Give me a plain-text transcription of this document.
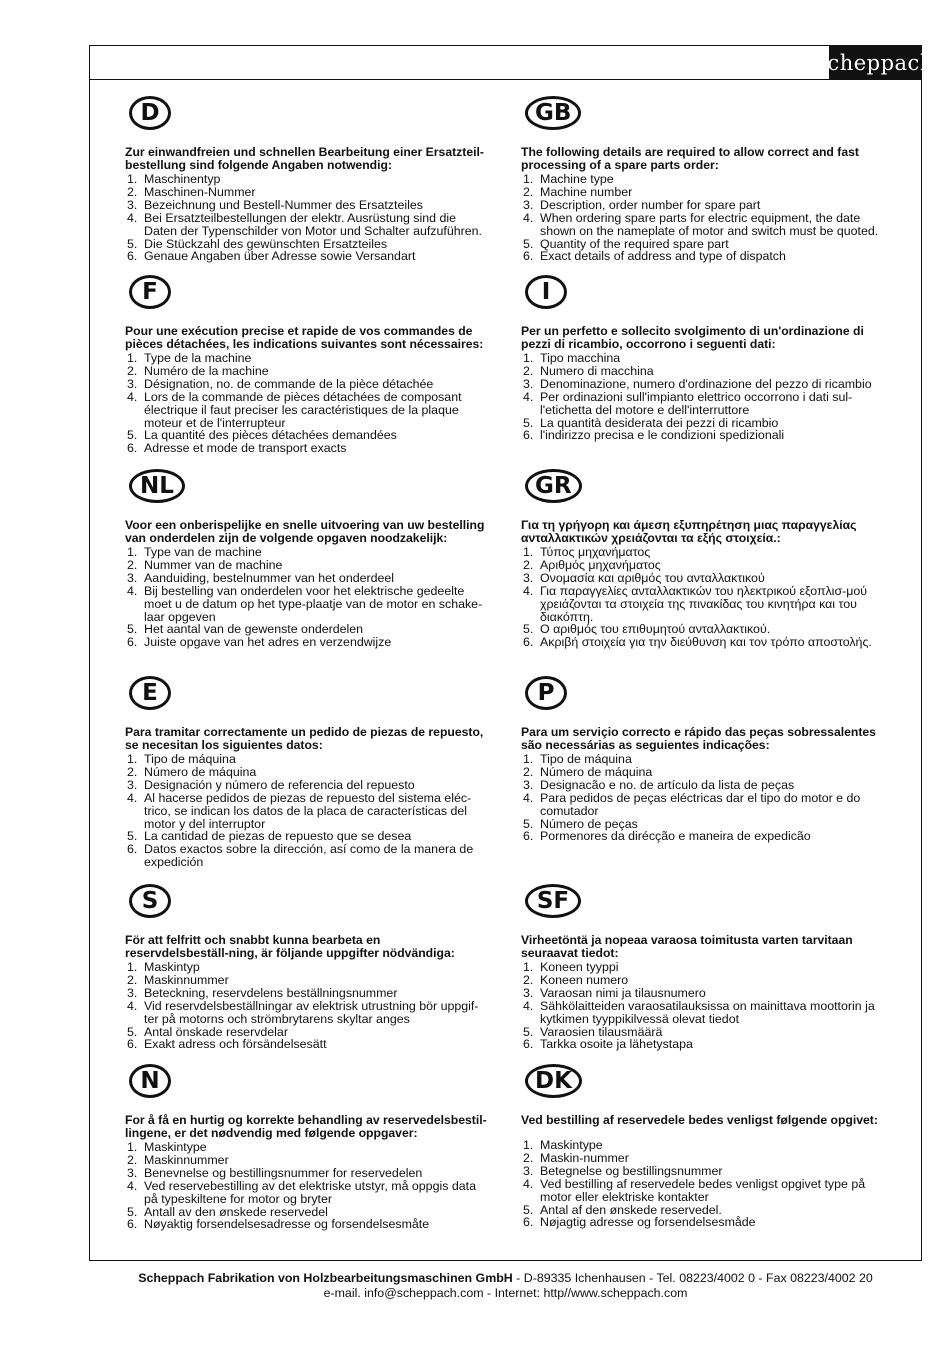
scheppach
D
Zur einwandfreien und schnellen Bearbeitung einer Ersatzteil-bestellung sind folgende Angaben notwendig:
1. Maschinentyp
2. Maschinen-Nummer
3. Bezeichnung und Bestell-Nummer des Ersatzteiles
4. Bei Ersatzteilbestellungen der elektr. Ausrüstung sind die Daten der Typenschilder von Motor und Schalter aufzuführen.
5. Die Stückzahl des gewünschten Ersatzteiles
6. Genaue Angaben über Adresse sowie Versandart
GB
The following details are required to allow correct and fast processing of a spare parts order:
1. Machine type
2. Machine number
3. Description, order number for spare part
4. When ordering spare parts for electric equipment, the date shown on the nameplate of motor and switch must be quoted.
5. Quantity of the required spare part
6. Exact details of address and type of dispatch
F
Pour une exécution precise et rapide de vos commandes de pièces détachées, les indications suivantes sont nécessaires:
1. Type de la machine
2. Numéro de la machine
3. Désignation, no. de commande de la pièce détachée
4. Lors de la commande de pièces détachées de composant électrique il faut preciser les caractéristiques de la plaque moteur et de l'interrupteur
5. La quantité des pièces détachées demandées
6. Adresse et mode de transport exacts
I
Per un perfetto e sollecito svolgimento di un'ordinazione di pezzi di ricambio, occorrono i seguenti dati:
1. Tipo macchina
2. Numero di macchina
3. Denominazione, numero d'ordinazione del pezzo di ricambio
4. Per ordinazioni sull'impianto elettrico occorrono i dati sul-l'etichetta del motore e dell'interruttore
5. La quantità desiderata dei pezzi di ricambio
6. l'indirizzo precisa e le condizioni spedizionali
NL
Voor een onberispelijke en snelle uitvoering van uw bestelling van onderdelen zijn de volgende opgaven noodzakelijk:
1. Type van de machine
2. Nummer van de machine
3. Aanduiding, bestelnummer van het onderdeel
4. Bij bestelling van onderdelen voor het elektrische gedeelte moet u de datum op het type-plaatje van de motor en schake-laar opgeven
5. Het aantal van de gewenste onderdelen
6. Juiste opgave van het adres en verzendwijze
GR
Για τη γρήγορη και άμεση εξυπηρέτηση μιας παραγγελίας ανταλλακτικών χρειάζονται τα εξής στοιχεία.:
1. Τύπος μηχανήματος
2. Αριθμός μηχανήματος
3. Ονομασία και αριθμός του ανταλλακτικού
4. Για παραγγελίες ανταλλακτικών του ηλεκτρικού εξοπλισ-μού χρειάζονται τα στοιχεία της πινακίδας του κινητήρα και του διακόπτη.
5. Ο αριθμός του επιθυμητού ανταλλακτικού.
6. Ακριβή στοιχεία για την διεύθυνση και τον τρόπο αποστολής.
E
Para tramitar correctamente un pedido de piezas de repuesto, se necesitan los siguientes datos:
1. Tipo de máquina
2. Número de máquina
3. Designación y número de referencia del repuesto
4. Al hacerse pedidos de piezas de repuesto del sistema eléc-trico, se indican los datos de la placa de características del motor y del interruptor
5. La cantidad de piezas de repuesto que se desea
6. Datos exactos sobre la dirección, así como de la manera de expedición
P
Para um serviçio correcto e rápido das peças sobressalentes são necessárias as seguientes indicações:
1. Tipo de máquina
2. Número de máquina
3. Designacão e no. de artículo da lista de peças
4. Para pedidos de peças eléctricas dar el tipo do motor e do comutador
5. Número de peças
6. Pormenores da dirécção e maneira de expedicão
S
För att felfritt och snabbt kunna bearbeta en reservdelsbeställ-ning, är följande uppgifter nödvändiga:
1. Maskintyp
2. Maskinnummer
3. Beteckning, reservdelens beställningsnummer
4. Vid reservdelsbeställningar av elektrisk utrustning bör uppgif-ter på motorns och strömbrytarens skyltar anges
5. Antal önskade reservdelar
6. Exakt adress och försändelsesätt
SF
Virheetöntä ja nopeaa varaosa toimitusta varten tarvitaan seuraavat tiedot:
1. Koneen tyyppi
2. Koneen numero
3. Varaosan nimi ja tilausnumero
4. Sähkölaitteiden varaosatilauksissa on mainittava moottorin ja kytkimen tyyppikilvessä olevat tiedot
5. Varaosien tilausmäärä
6. Tarkka osoite ja lähetystapa
N
For å få en hurtig og korrekte behandling av reservedelsbestil-lingene, er det nødvendig med følgende oppgaver:
1. Maskintype
2. Maskinnummer
3. Benevnelse og bestillingsnummer for reservedelen
4. Ved reservebestilling av det elektriske utstyr, må oppgis data på typeskiltene for motor og bryter
5. Antall av den ønskede reservedel
6. Nøyaktig forsendelsesadresse og forsendelsesmåte
DK
Ved bestilling af reservedele bedes venligst følgende opgivet:
1. Maskintype
2. Maskin-nummer
3. Betegnelse og bestillingsnummer
4. Ved bestilling af reservedele bedes venligst opgivet type på motor eller elektriske kontakter
5. Antal af den ønskede reservedel.
6. Nøjagtig adresse og forsendelsesmåde
Scheppach Fabrikation von Holzbearbeitungsmaschinen GmbH - D-89335 Ichenhausen - Tel. 08223/4002 0 - Fax 08223/4002 20
e-mail. info@scheppach.com - Internet: http//www.scheppach.com
